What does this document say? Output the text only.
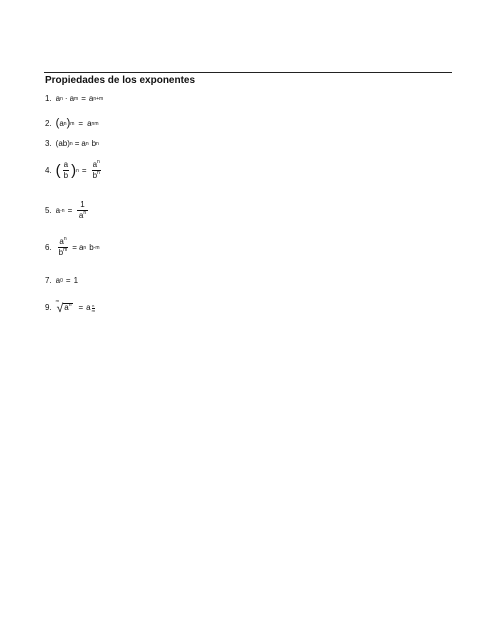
Propiedades de los exponentes
1. a n · a m = a n+m
2. ( a n ) m = a nm
3. (ab) n = a n b n
4. ( $\frac{a}{b}$ ) $n = \frac{a^n}{b^n}$
5. a $-n = \frac{1}{a^n}$
6. $\frac{a^n}{b^m} = a$ n b -m
7. a 0 = 1
9.
m
√ $a^n = a \frac{n}{m}$
